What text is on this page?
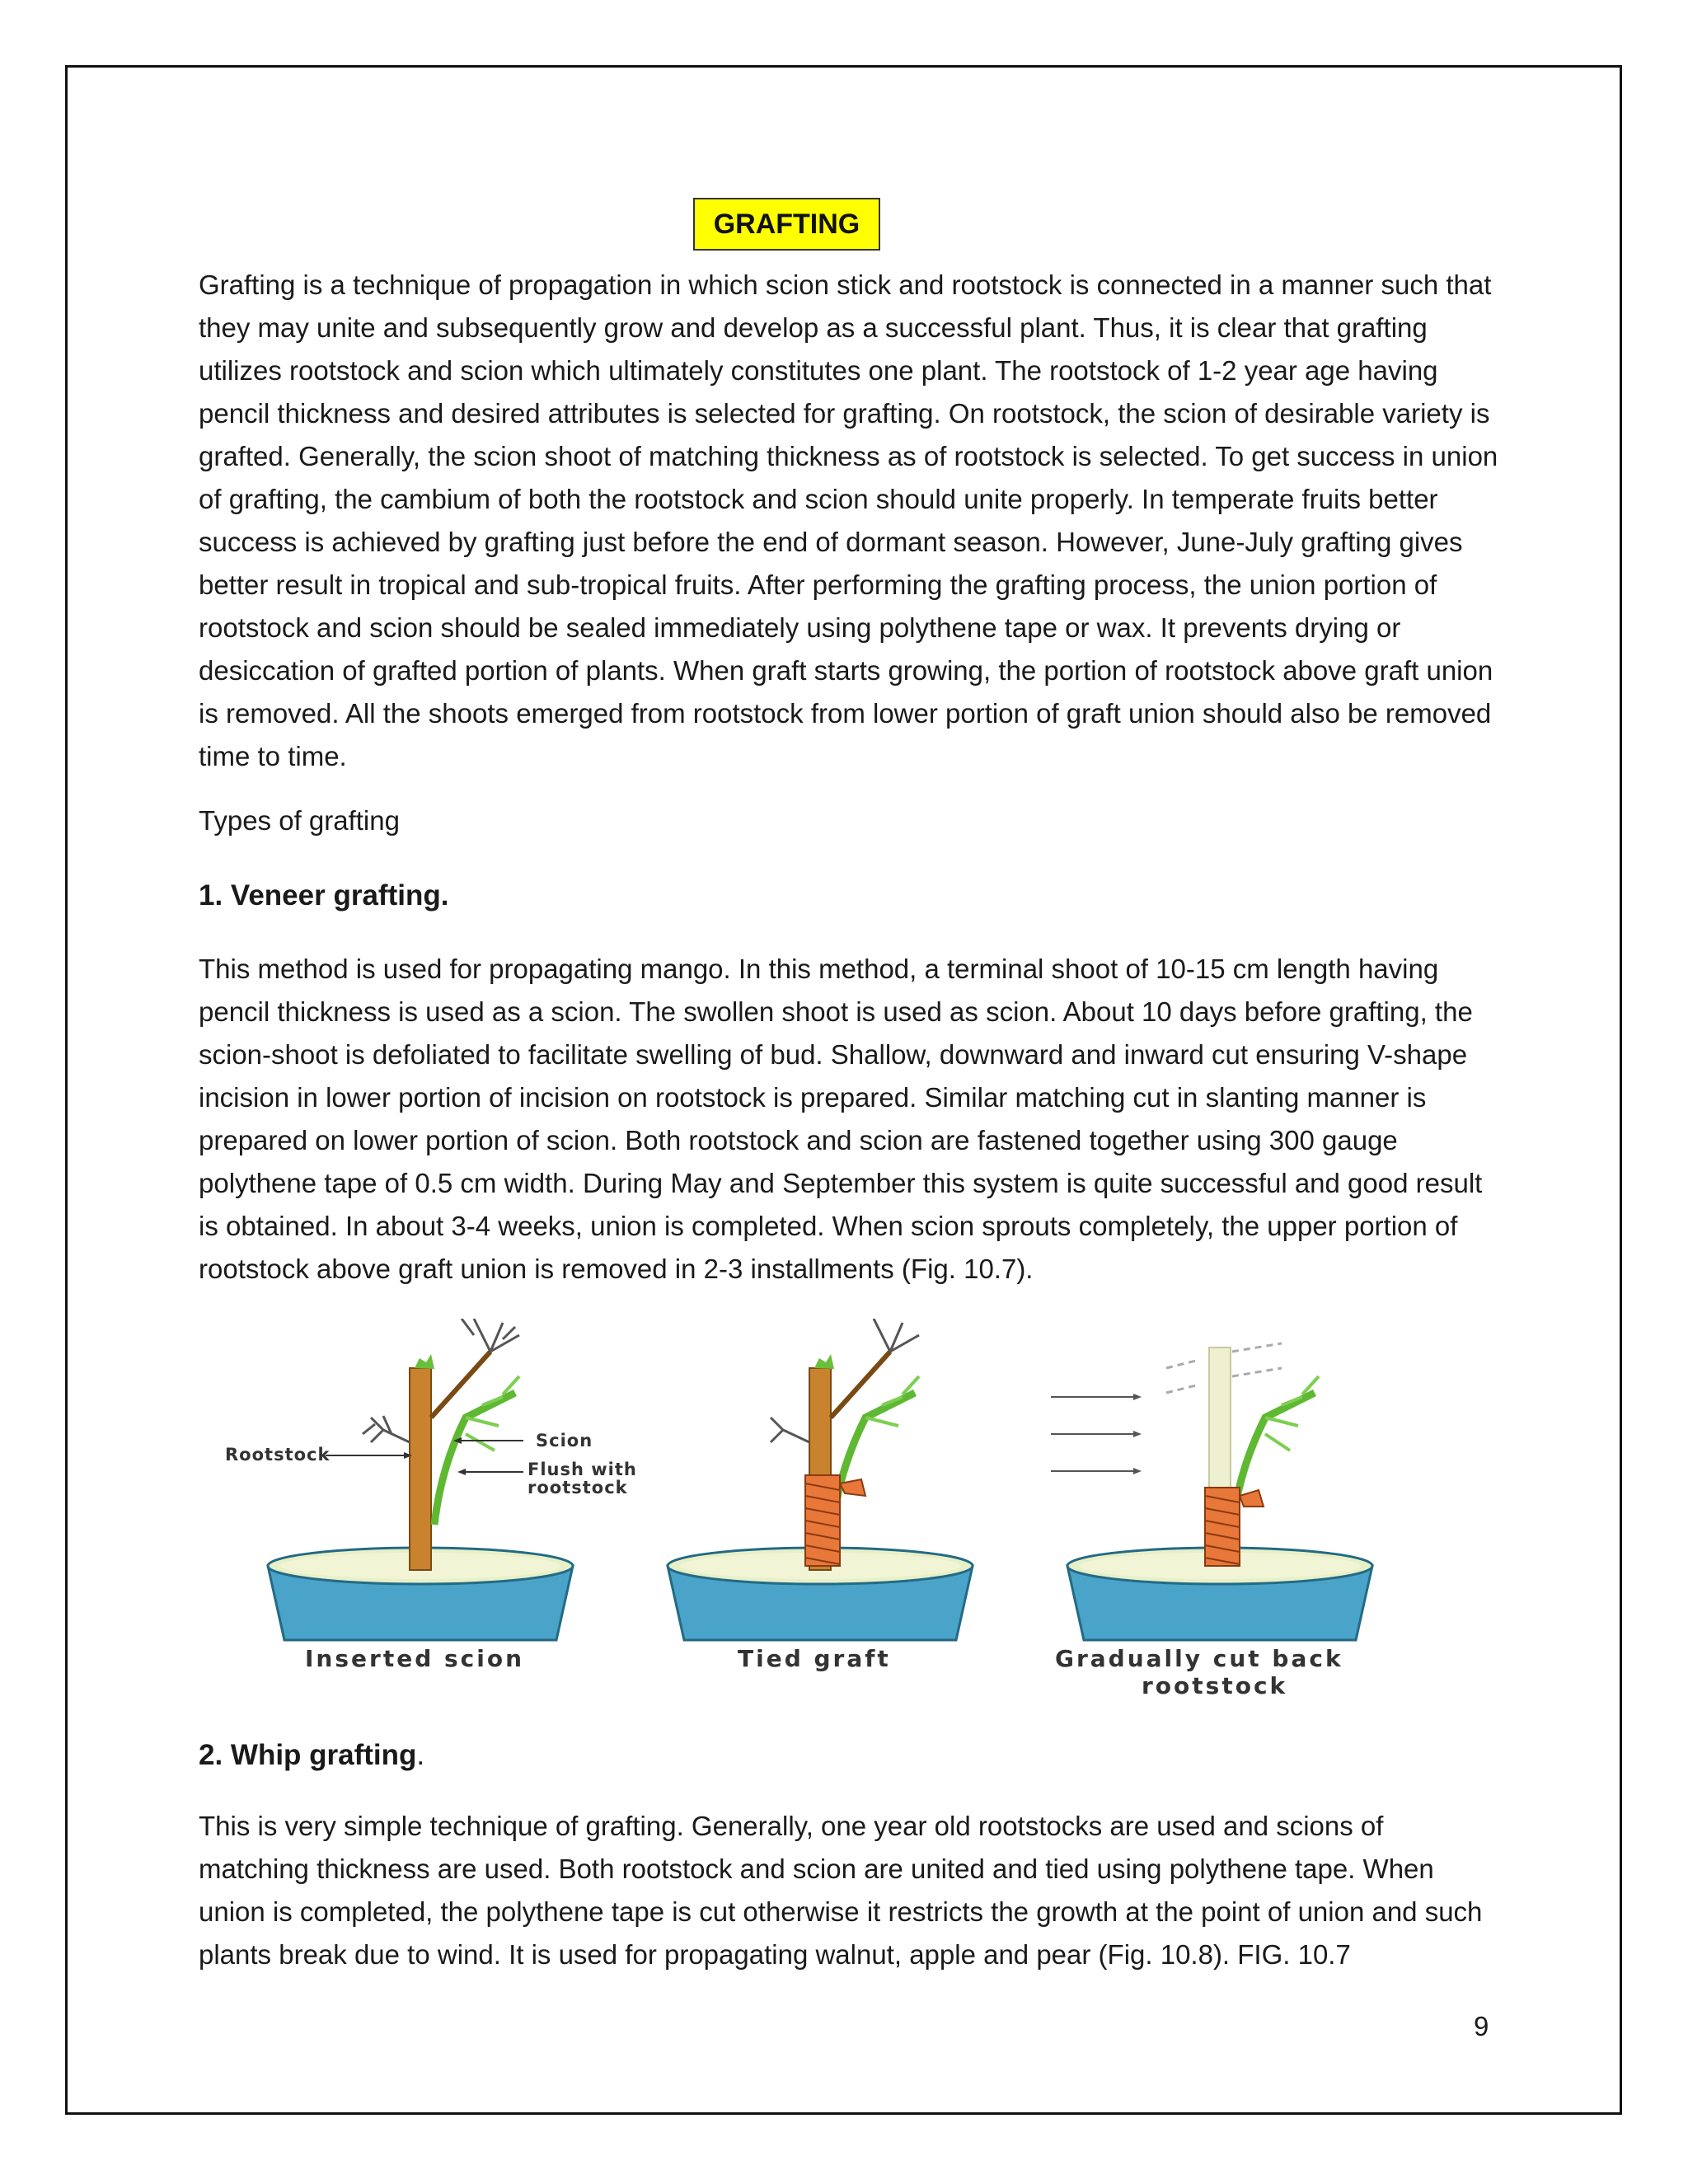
GRAFTING

Grafting is a technique of propagation in which scion stick and rootstock is connected in a manner such that they may unite and subsequently grow and develop as a successful plant. Thus, it is clear that grafting utilizes rootstock and scion which ultimately constitutes one plant. The rootstock of 1-2 year age having pencil thickness and desired attributes is selected for grafting. On rootstock, the scion of desirable variety is grafted. Generally, the scion shoot of matching thickness as of rootstock is selected. To get success in union of grafting, the cambium of both the rootstock and scion should unite properly. In temperate fruits better success is achieved by grafting just before the end of dormant season. However, June-July grafting gives better result in tropical and sub-tropical fruits. After performing the grafting process, the union portion of rootstock and scion should be sealed immediately using polythene tape or wax. It prevents drying or desiccation of grafted portion of plants. When graft starts growing, the portion of rootstock above graft union is removed. All the shoots emerged from rootstock from lower portion of graft union should also be removed time to time.

Types of grafting
1. Veneer grafting.

This method is used for propagating mango. In this method, a terminal shoot of 10-15 cm length having pencil thickness is used as a scion. The swollen shoot is used as scion. About 10 days before grafting, the scion-shoot is defoliated to facilitate swelling of bud. Shallow, downward and inward cut ensuring V-shape incision in lower portion of incision on rootstock is prepared. Similar matching cut in slanting manner is prepared on lower portion of scion. Both rootstock and scion are fastened together using 300 gauge polythene tape of 0.5 cm width. During May and September this system is quite successful and good result is obtained. In about 3-4 weeks, union is completed. When scion sprouts completely, the upper portion of rootstock above graft union is removed in 2-3 installments (Fig. 10.7).

Rootstock
Scion
Flush with
rootstock
Inserted scion	Tied graft	Gradually cut back
rootstock
2. Whip grafting.

This is very simple technique of grafting. Generally, one year old rootstocks are used and scions of matching thickness are used. Both rootstock and scion are united and tied using polythene tape. When union is completed, the polythene tape is cut otherwise it restricts the growth at the point of union and such plants break due to wind. It is used for propagating walnut, apple and pear (Fig. 10.8). FIG. 10.7

9
